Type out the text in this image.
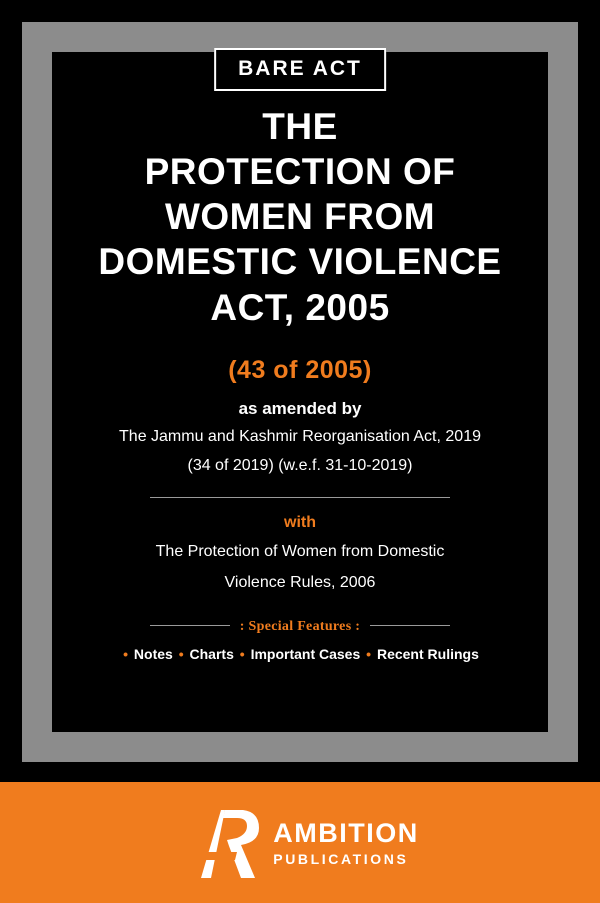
BARE ACT
THE
PROTECTION OF
WOMEN FROM
DOMESTIC VIOLENCE
ACT, 2005
(43 of 2005)
as amended by
The Jammu and Kashmir Reorganisation Act, 2019
(34 of 2019) (w.e.f. 31-10-2019)
with
The Protection of Women from Domestic
Violence Rules, 2006
: Special Features :
• Notes • Charts • Important Cases • Recent Rulings
AMBITION
PUBLICATIONS
